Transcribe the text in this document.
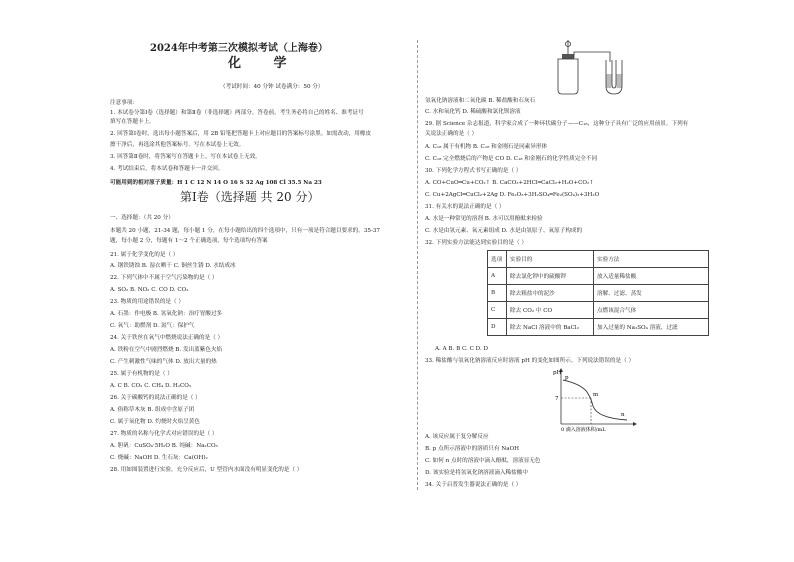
2024年中考第三次模拟考试（上海卷）
化 学
（考试时间：40 分钟 试卷满分：50 分）
注意事项：
1. 本试卷分第Ⅰ卷（选择题）和第Ⅱ卷（非选择题）两部分。答卷前，考生务必将自己的姓名、准考证号
填写在答题卡上。
2. 回答第Ⅰ卷时，选出每小题答案后，用 2B 铅笔把答题卡上对应题目的答案标号涂黑。如需改动，用橡皮
擦干净后，再选涂其他答案标号。写在本试卷上无效。
3. 回答第Ⅱ卷时，将答案写在答题卡上。写在本试卷上无效。
4. 考试结束后，将本试卷和答题卡一并交回。
可能用到的相对原子质量：H 1 C 12 N 14 O 16 S 32 Ag 108 Cl 35.5 Na 23
第Ⅰ卷（选择题 共 20 分）
一、选择题：（共 20 分）
本题共 20 小题，21-34 题，每小题 1 分，在每小题给出的四个选项中，只有一项是符合题目要求的。35-37
题，每小题 2 分，每题有 1～2 个正确选项，每个选项均有答案
21. 属于化学变化的是（ ）
A. 钢铁锈蚀 B. 湿衣晒干 C. 铜丝生锈 D. 水结成冰
22. 下列气体中不属于空气污染物的是（ ）
A. SO₂ B. NO₂ C. CO D. CO₂
23. 物质的用途错误的是（ ）
A. 石墨：作电极 B. 氢氧化钠：治疗胃酸过多
C. 氧气：助燃剂 D. 氮气：保护气
24. 关于铁丝在氧气中燃烧说法正确的是（ ）
A. 铁粉在空气中剧烈燃烧 B. 发出蓝紫色火焰
C. 产生刺激性气味的气体 D. 放出大量的热
25. 属于有机物的是（ ）
A. C B. CO₂ C. CH₄ D. H₂CO₃
26. 关于碳酸钙的说法正确的是（ ）
A. 俗称草木灰 B. 组成中含原子团
C. 属于氧化物 D. 灼烧时火焰呈黄色
27. 物质的名称与化学式对应错误的是（ ）
A. 胆矾：CuSO₄·5H₂O B. 纯碱：Na₂CO₃
C. 烧碱：NaOH D. 生石灰：Ca(OH)₂
28. 用如图装置进行实验，充分反应后，U 型管内水面没有明显变化的是（ ）
氢氧化钠溶液和二氧化碳 B. 稀盐酸和石灰石
C. 水和氧化钙 D. 稀硫酸和氯化钡溶液
29. 据 Science 杂志报道，科学家合成了一种环状碳分子——C₁₈，这种分子具有广泛的应用前景。下列有
关说法正确的是（ ）
A. C₁₈ 属于有机物 B. C₁₈ 和金刚石是同素异形体
C. C₁₈ 完全燃烧后的产物是 CO D. C₁₈ 和金刚石的化学性质完全不同
30. 下列化学方程式书写正确的是（ ）
A. CO+CuO═Cu+CO₂↑ B. CaCO₃+2HCl═CaCl₂+H₂O+CO₂↑
C. Cu+2AgCl═CuCl₂+2Ag D. Fe₂O₃+3H₂SO₄═Fe₂(SO₄)₃+3H₂O
31. 有关水的说法正确的是（ ）
A. 水是一种常见的溶剂 B. 水可以用酚酞来检验
C. 水是由氢元素、氧元素组成 D. 水是由氢原子、氧原子构成的
32. 下列实验方法能达到实验目的是（ ）
选项	实验目的	实验方法
A	除去氯化钾中的硫酸钾	放入适量稀盐酸
B	除去粗盐中的泥沙	溶解、过滤、蒸发
C	除去 CO₂ 中 CO	点燃该混合气体
D	除去 NaCl 溶液中的 BaCl₂	加入过量的 Na₂SO₄ 溶液，过滤
A. A B. B C. C D. D
33. 稀盐酸与氢氧化钠溶液反应时溶液 pH 的变化如图所示。下列说法错误的是（ ）
pH
7
p
m
n
0 滴入溶液体积/mL
A. 该反应属于复分解反应
B. p 点所示溶液中的溶质只有 NaOH
C. 如何 n 点时的溶液中滴入酚酞，溶液显无色
D. 该实验是将氢氧化钠溶液滴入稀盐酸中
34. 关于启普发生器说法正确的是（ ）
